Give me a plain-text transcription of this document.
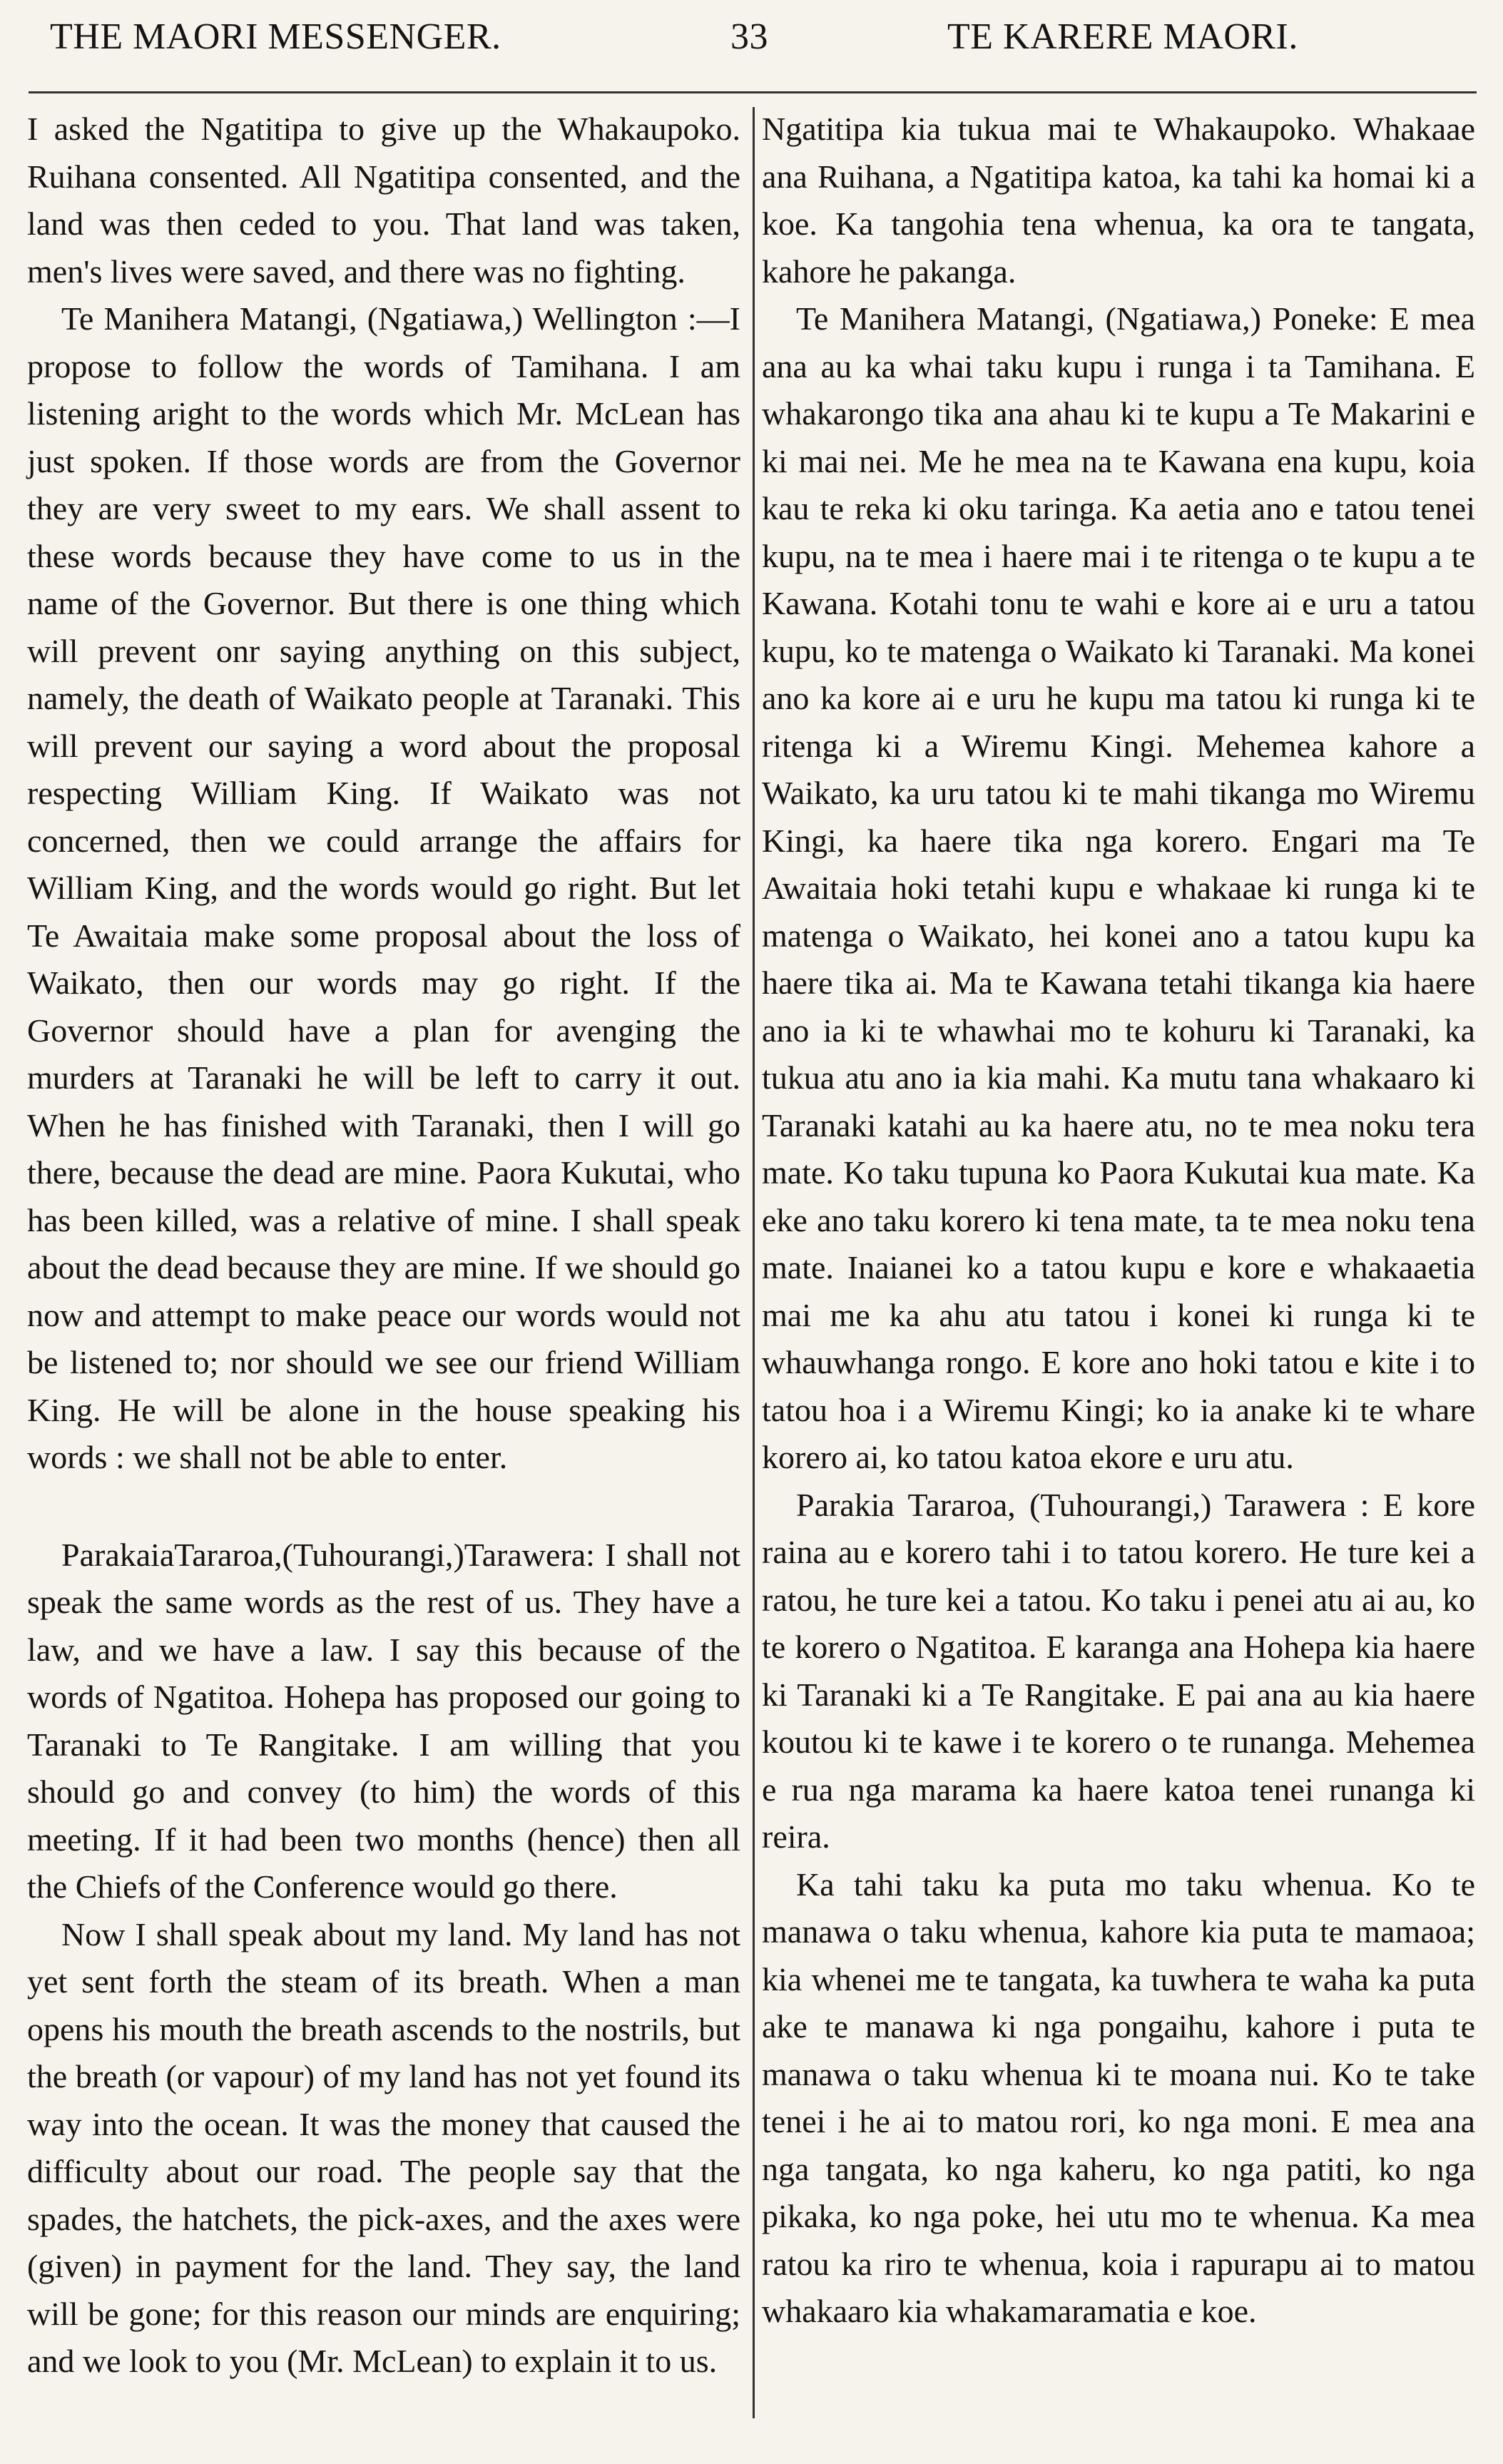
THE MAORI MESSENGER.	33	TE KARERE MAORI.

I asked the Ngatitipa to give up the Whakaupoko. Ruihana consented. All Ngatitipa consented, and the land was then ceded to you. That land was taken, men's lives were saved, and there was no fighting.

Te Manihera Matangi, (Ngatiawa,) Wellington :—I propose to follow the words of Tamihana. I am listening aright to the words which Mr. McLean has just spoken. If those words are from the Governor they are very sweet to my ears. We shall assent to these words because they have come to us in the name of the Governor. But there is one thing which will prevent onr saying anything on this subject, namely, the death of Waikato people at Taranaki. This will prevent our saying a word about the proposal respecting William King. If Waikato was not concerned, then we could arrange the affairs for William King, and the words would go right. But let Te Awaitaia make some proposal about the loss of Waikato, then our words may go right. If the Governor should have a plan for avenging the murders at Taranaki he will be left to carry it out. When he has finished with Taranaki, then I will go there, because the dead are mine. Paora Kukutai, who has been killed, was a relative of mine. I shall speak about the dead because they are mine. If we should go now and attempt to make peace our words would not be listened to; nor should we see our friend William King. He will be alone in the house speaking his words : we shall not be able to enter.

ParakaiaTararoa,(Tuhourangi,)Tarawera: I shall not speak the same words as the rest of us. They have a law, and we have a law. I say this because of the words of Ngatitoa. Hohepa has proposed our going to Taranaki to Te Rangitake. I am willing that you should go and convey (to him) the words of this meeting. If it had been two months (hence) then all the Chiefs of the Conference would go there.

Now I shall speak about my land. My land has not yet sent forth the steam of its breath. When a man opens his mouth the breath ascends to the nostrils, but the breath (or vapour) of my land has not yet found its way into the ocean. It was the money that caused the difficulty about our road. The people say that the spades, the hatchets, the pick-axes, and the axes were (given) in payment for the land. They say, the land will be gone; for this reason our minds are enquiring; and we look to you (Mr. McLean) to explain it to us.

Ngatitipa kia tukua mai te Whakaupoko. Whakaae ana Ruihana, a Ngatitipa katoa, ka tahi ka homai ki a koe. Ka tangohia tena whenua, ka ora te tangata, kahore he pakanga.

Te Manihera Matangi, (Ngatiawa,) Poneke: E mea ana au ka whai taku kupu i runga i ta Tamihana. E whakarongo tika ana ahau ki te kupu a Te Makarini e ki mai nei. Me he mea na te Kawana ena kupu, koia kau te reka ki oku taringa. Ka aetia ano e tatou tenei kupu, na te mea i haere mai i te ritenga o te kupu a te Kawana. Kotahi tonu te wahi e kore ai e uru a tatou kupu, ko te matenga o Waikato ki Taranaki. Ma konei ano ka kore ai e uru he kupu ma tatou ki runga ki te ritenga ki a Wiremu Kingi. Mehemea kahore a Waikato, ka uru tatou ki te mahi tikanga mo Wiremu Kingi, ka haere tika nga korero. Engari ma Te Awaitaia hoki tetahi kupu e whakaae ki runga ki te matenga o Waikato, hei konei ano a tatou kupu ka haere tika ai. Ma te Kawana tetahi tikanga kia haere ano ia ki te whawhai mo te kohuru ki Taranaki, ka tukua atu ano ia kia mahi. Ka mutu tana whakaaro ki Taranaki katahi au ka haere atu, no te mea noku tera mate. Ko taku tupuna ko Paora Kukutai kua mate. Ka eke ano taku korero ki tena mate, ta te mea noku tena mate. Inaianei ko a tatou kupu e kore e whakaaetia mai me ka ahu atu tatou i konei ki runga ki te whauwhanga rongo. E kore ano hoki tatou e kite i to tatou hoa i a Wiremu Kingi; ko ia anake ki te whare korero ai, ko tatou katoa ekore e uru atu.

Parakia Tararoa, (Tuhourangi,) Tarawera : E kore raina au e korero tahi i to tatou korero. He ture kei a ratou, he ture kei a tatou. Ko taku i penei atu ai au, ko te korero o Ngatitoa. E karanga ana Hohepa kia haere ki Taranaki ki a Te Rangitake. E pai ana au kia haere koutou ki te kawe i te korero o te runanga. Mehemea e rua nga marama ka haere katoa tenei runanga ki reira.

Ka tahi taku ka puta mo taku whenua. Ko te manawa o taku whenua, kahore kia puta te mamaoa; kia whenei me te tangata, ka tuwhera te waha ka puta ake te manawa ki nga pongaihu, kahore i puta te manawa o taku whenua ki te moana nui. Ko te take tenei i he ai to matou rori, ko nga moni. E mea ana nga tangata, ko nga kaheru, ko nga patiti, ko nga pikaka, ko nga poke, hei utu mo te whenua. Ka mea ratou ka riro te whenua, koia i rapurapu ai to matou whakaaro kia whakamaramatia e koe.
